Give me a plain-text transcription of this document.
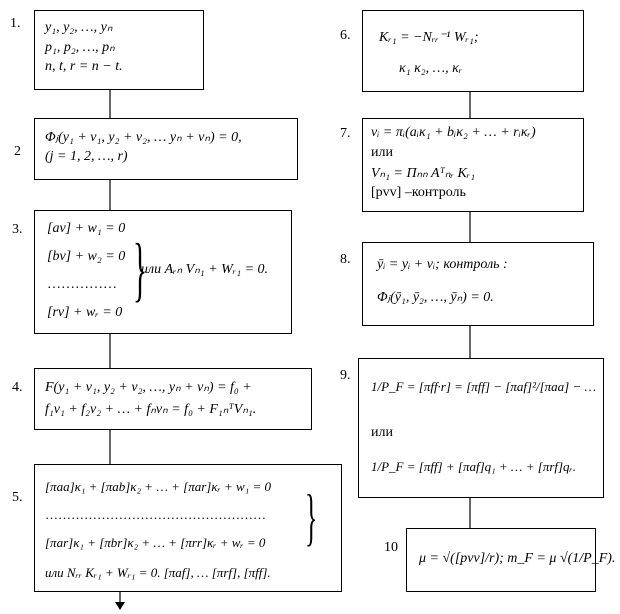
1. y₁, y₂, …, yₙ
p₁, p₂, …, pₙ
n, t, r = n − t.
2
Φⱼ(y₁ + v₁, y₂ + v₂, … yₙ + vₙ) = 0,
(j = 1, 2, …, r)
3. [av] + w₁ = 0
[bv] + w₂ = 0
……………
[rv] + wᵣ = 0
}
или Aᵣₙ Vₙ₁ + Wᵣ₁ = 0.
4. F(y₁ + v₁, y₂ + v₂, …, yₙ + vₙ) = f₀ +
f₁v₁ + f₂v₂ + … + fₙvₙ = f₀ + F₁ₙᵀVₙ₁.
5.
[πaa]κ₁ + [πab]κ₂ + … + [πar]κᵣ + w₁ = 0
……………………………………………
[πar]κ₁ + [πbr]κ₂ + … + [πrr]κᵣ + wᵣ = 0 }
или Nᵣᵣ Kᵣ₁ + Wᵣ₁ = 0. [πaf], … [πrf], [πff].
6. Kᵣ₁ = −Nᵣᵣ⁻¹ Wᵣ₁;
κ₁ κ₂, …, κᵣ
7. vᵢ = πᵢ(aᵢκ₁ + bᵢκ₂ + … + rᵢκᵣ)
или
Vₙ₁ = Πₙₙ Aᵀₙᵣ Kᵣ₁
[pvv] –контроль
8. ȳᵢ = yᵢ + vᵢ; контроль :
Φⱼ(ȳ₁, ȳ₂, …, ȳₙ) = 0.
9.
1/P_F = [πff·r] = [πff] − [πaf]²/[πaa] − …
или
1/P_F = [πff] + [πaf]q₁ + … + [πrf]qᵣ.
10
μ = √([pvv]/r); m_F = μ √(1/P_F).
